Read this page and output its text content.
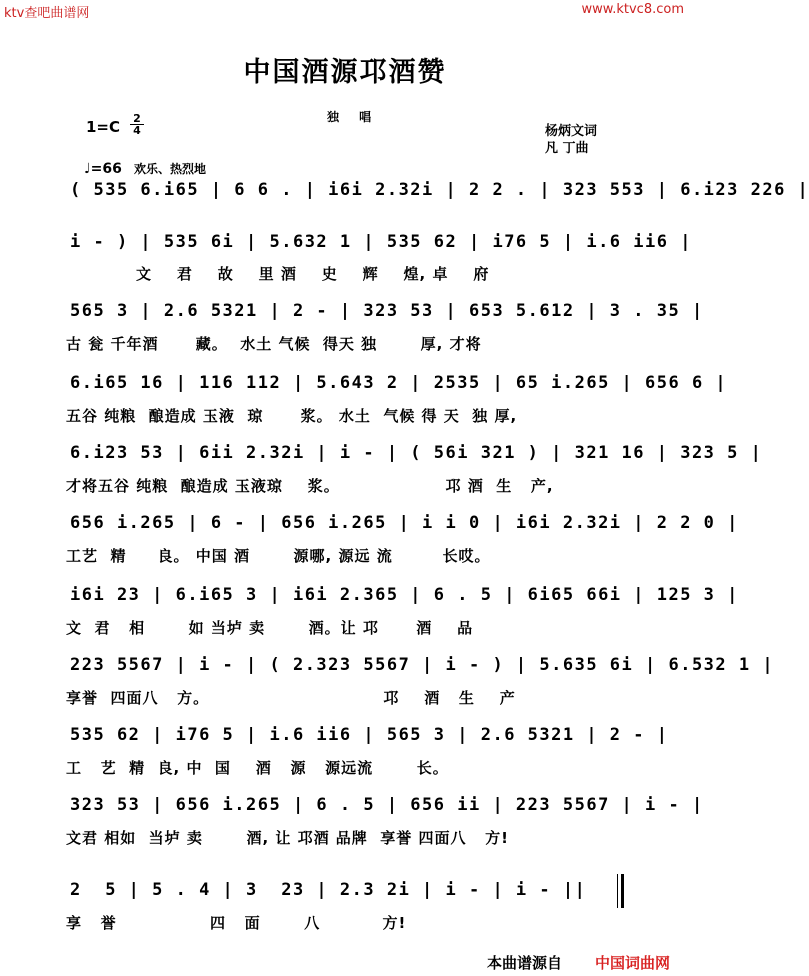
ktv查吧曲谱网	www.ktvc8.com
中国酒源邛酒赞
1=C 2
4
独 唱
杨炳文词
凡 丁曲
♩=66 欢乐、热烈地
( 535 6.i65 | 6 6 . | i6i 2.32i | 2 2 . | 323 553 | 6.i23 226 |
i - ) | 535 6i | 5.632 1 | 535 62 | i76 5 | i.6 ii6 |
文    君    故    里 酒    史    辉    煌, 卓    府
565 3 | 2.6 5321 | 2 - | 323 53 | 653 5.612 | 3 . 35 |
古 瓮 千年酒      藏。  水土 气候  得天 独       厚, 才将
6.i65 16 | 116 112 | 5.643 2 | 2535 | 65 i.265 | 656 6 |
五谷 纯粮  酿造成 玉液  琼      浆。 水土  气候 得 天  独 厚,
6.i23 53 | 6ii 2.32i | i - | ( 56i 321 ) | 321 16 | 323 5 |
才将五谷 纯粮  酿造成 玉液琼    浆。                 邛 酒  生   产,
656 i.265 | 6 - | 656 i.265 | i i 0 | i6i 2.32i | 2 2 0 |
工艺  精     良。 中国 酒       源哪, 源远 流        长哎。
i6i 23 | 6.i65 3 | i6i 2.365 | 6 . 5 | 6i65 66i | 125 3 |
文  君   相       如 当垆 卖       酒。让 邛      酒    品
223 5567 | i - | ( 2.323 5567 | i - ) | 5.635 6i | 6.532 1 |
享誉  四面八   方。                            邛    酒   生    产
535 62 | i76 5 | i.6 ii6 | 565 3 | 2.6 5321 | 2 - |
工   艺  精  良, 中  国    酒   源   源远流       长。
323 53 | 656 i.265 | 6 . 5 | 656 ii | 223 5567 | i - |
文君 相如  当垆 卖       酒, 让 邛酒 品牌  享誉 四面八   方!
2  5 | 5 . 4 | 3  23 | 2.3 2i | i - | i - ||
享   誉               四   面       八          方!
本曲谱源自 中国词曲网
